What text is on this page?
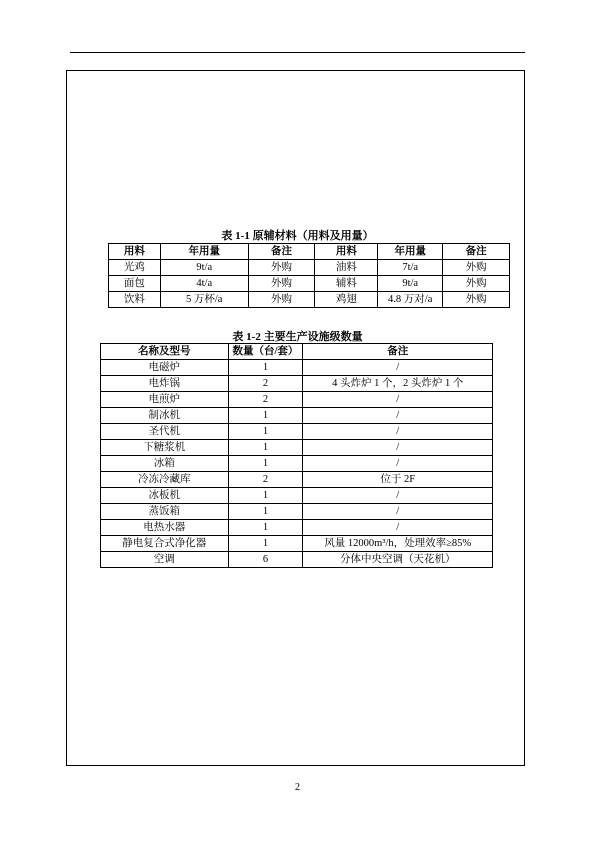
表 1-1 原辅材料（用料及用量）
用料	年用量	备注	用料	年用量	备注
光鸡	9t/a	外购	油料	7t/a	外购
面包	4t/a	外购	辅料	9t/a	外购
饮料	5 万杯/a	外购	鸡翅	4.8 万对/a	外购
表 1-2 主要生产设施级数量
名称及型号	数量（台/套）	备注
电磁炉	1	/
电炸锅	2	4 头炸炉 1 个，2 头炸炉 1 个
电煎炉	2	/
制冰机	1	/
圣代机	1	/
下糖浆机	1	/
冰箱	1	/
冷冻冷藏库	2	位于 2F
冰板机	1	/
蒸饭箱	1	/
电热水器	1	/
静电复合式净化器	1	风量 12000m³/h，处理效率≥85%
空调	6	分体中央空调（天花机）
2
